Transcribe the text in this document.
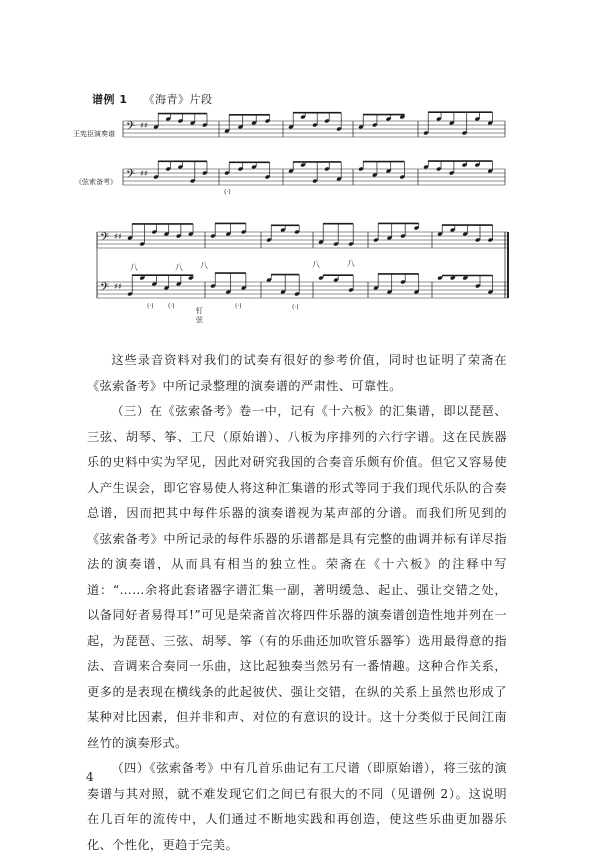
谱例 1 《海青》片段
王宪臣演奏谱
《弦索备考》
𝄢 ♯♯
𝄢 ♯♯
𝄢 ♯♯
𝄢 ♯♯
八	八 八	八	八
(·)
(·) (·)	(·)	(·)
钉
弦

这些录音资料对我们的试奏有很好的参考价值，同时也证明了荣斋在《弦索备考》中所记录整理的演奏谱的严肃性、可靠性。

（三）在《弦索备考》卷一中，记有《十六板》的汇集谱，即以琵琶、三弦、胡琴、筝、工尺（原始谱）、八板为序排列的六行字谱。这在民族器乐的史料中实为罕见，因此对研究我国的合奏音乐颇有价值。但它又容易使人产生误会，即它容易使人将这种汇集谱的形式等同于我们现代乐队的合奏总谱，因而把其中每件乐器的演奏谱视为某声部的分谱。而我们所见到的《弦索备考》中所记录的每件乐器的乐谱都是具有完整的曲调并标有详尽指法的演奏谱，从而具有相当的独立性。荣斋在《十六板》的注释中写道：“……余将此套诸器字谱汇集一副，著明缓急、起止、强让交错之处，以备同好者易得耳!”可见是荣斋首次将四件乐器的演奏谱创造性地并列在一起，为琵琶、三弦、胡琴、筝（有的乐曲还加吹管乐器筝）选用最得意的指法、音调来合奏同一乐曲，这比起独奏当然另有一番情趣。这种合作关系，更多的是表现在横线条的此起彼伏、强让交错，在纵的关系上虽然也形成了某种对比因素，但并非和声、对位的有意识的设计。这十分类似于民间江南丝竹的演奏形式。

（四）《弦索备考》中有几首乐曲记有工尺谱（即原始谱），将三弦的演奏谱与其对照，就不难发现它们之间已有很大的不同（见谱例 2）。这说明在几百年的流传中，人们通过不断地实践和再创造，使这些乐曲更加器乐化、个性化，更趋于完美。

4
